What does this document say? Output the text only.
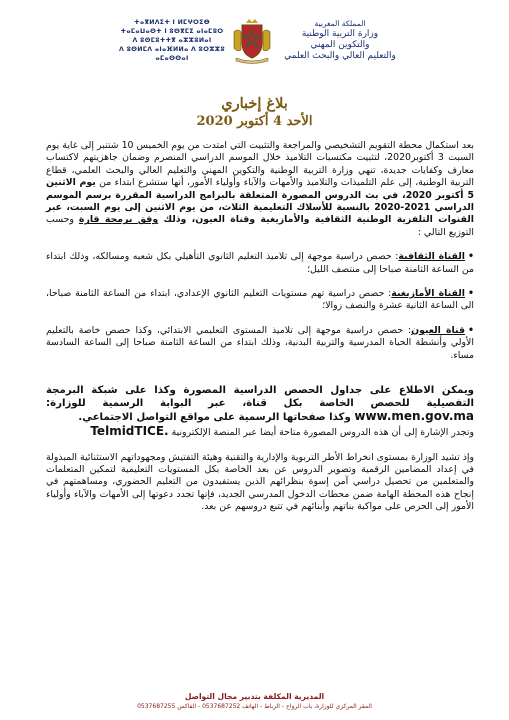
ⵜⴰⴳⵍⴷⵉⵜ ⵏ ⵍⵎⵖⵔⵉⴱ
ⵜⴰⵎⴰⵡⴰⵙⵜ ⵏ ⵓⵙⴳⵎⵉ ⴰⵏⴰⵎⵓⵔ
ⴷ ⵓⵙⵎⵓⵜⵜⴳ ⴰⵣⵣⵓⵍⴰⵏ
ⴷ ⵓⵙⵍⵎⴷ ⴰⵏⴰⴼⵍⵍⴰ ⴷ ⵓⵔⵣⵣⵓ ⴰⵎⴰⵙⵙⴰⵏ
المملكة المغربية
وزارة التربية الوطنية
والتكوين المهني
والتعليم العالي والبحث العلمي

بلاغ إخباري

الأحد 4 أكتوبر 2020

بعد استكمال محطة التقويم التشخيصي والمراجعة والتثبيت التي امتدت من يوم الخميس 10 شتنبر إلى غاية يوم السبت 3 أكتوبر2020، لتثبيت مكتسبات التلاميذ خلال الموسم الدراسي المنصرم وضمان جاهزيتهم لاكتساب معارف وكفايات جديدة، تنهي وزارة التربية الوطنية والتكوين المهني والتعليم العالي والبحث العلمي، قطاع التربية الوطنية، إلى علم التلميذات والتلاميذ والأمهات والآباء وأولياء الأمور، أنها ستشرع ابتداء من يوم الاثنين 5 أكتوبر 2020، في بث الدروس المصورة المتعلقة بالبرامج الدراسية المقررة برسم الموسم الدراسي 2021-2020 بالنسبة للأسلاك التعليمية الثلاث، من يوم الاثنين إلى يوم السبت، عبر القنوات التلفزية الوطنية الثقافية والأمازيغية وقناة العيون، وذلك وفق برمجة قارة وحسب التوزيع التالي :

•القناة الثقافية: حصص دراسية موجهة إلى تلاميذ التعليم الثانوي التأهيلي بكل شعبه ومسالكه، وذلك ابتداء من الساعة الثامنة صباحا إلى منتصف الليل؛

•القناة الأمازيغية: حصص دراسية تهم مستويات التعليم الثانوي الإعدادي، ابتداء من الساعة الثامنة صباحا، الى الساعة الثانية عشرة والنصف زوالا؛

•قناة العيون: حصص دراسية موجهة إلى تلاميذ المستوى التعليمي الابتدائي، وكذا حصص خاصة بالتعليم الأولي وأنشطة الحياة المدرسية والتربية البدنية، وذلك ابتداء من الساعة الثامنة صباحا إلى الساعة السادسة مساء.

ويمكن الاطلاع على جداول الحصص الدراسية المصورة وكذا على شبكة البرمجة التفصيلية للحصص الخاصة بكل قناة، عبر البوابة الرسمية للوزارة: www.men.gov.ma وكذا صفحاتها الرسمية على مواقع التواصل الاجتماعي.

وتجدر الإشارة إلى أن هذه الدروس المصورة متاحة أيضا عبر المنصة الإلكترونية TelmidTICE.

وإذ تشيد الوزارة بمستوى انخراط الأطر التربوية والإدارية والتقنية وهيئة التفتيش ومجهوداتهم الاستثنائية المبذولة في إعداد المضامين الرقمية وتصوير الدروس عن بعد الخاصة بكل المستويات التعليمية لتمكين المتعلمات والمتعلمين من تحصيل دراسي آمن إسوة بنظرائهم الذين يستفيدون من التعليم الحضوري، ومساهمتهم في إنجاح هذه المحطة الهامة ضمن محطات الدخول المدرسي الجديد، فإنها تجدد دعوتها إلى الأمهات والآباء وأولياء الأمور إلى الحرص على مواكبة بناتهم وأبنائهم في تتبع دروسهم عن بعد.

المديرية المكلفة بتدبير مجال التواصل
المقر المركزي للوزارة، باب الرواح - الرباط - الهاتف 0537687252 - الفاكس 0537687255
